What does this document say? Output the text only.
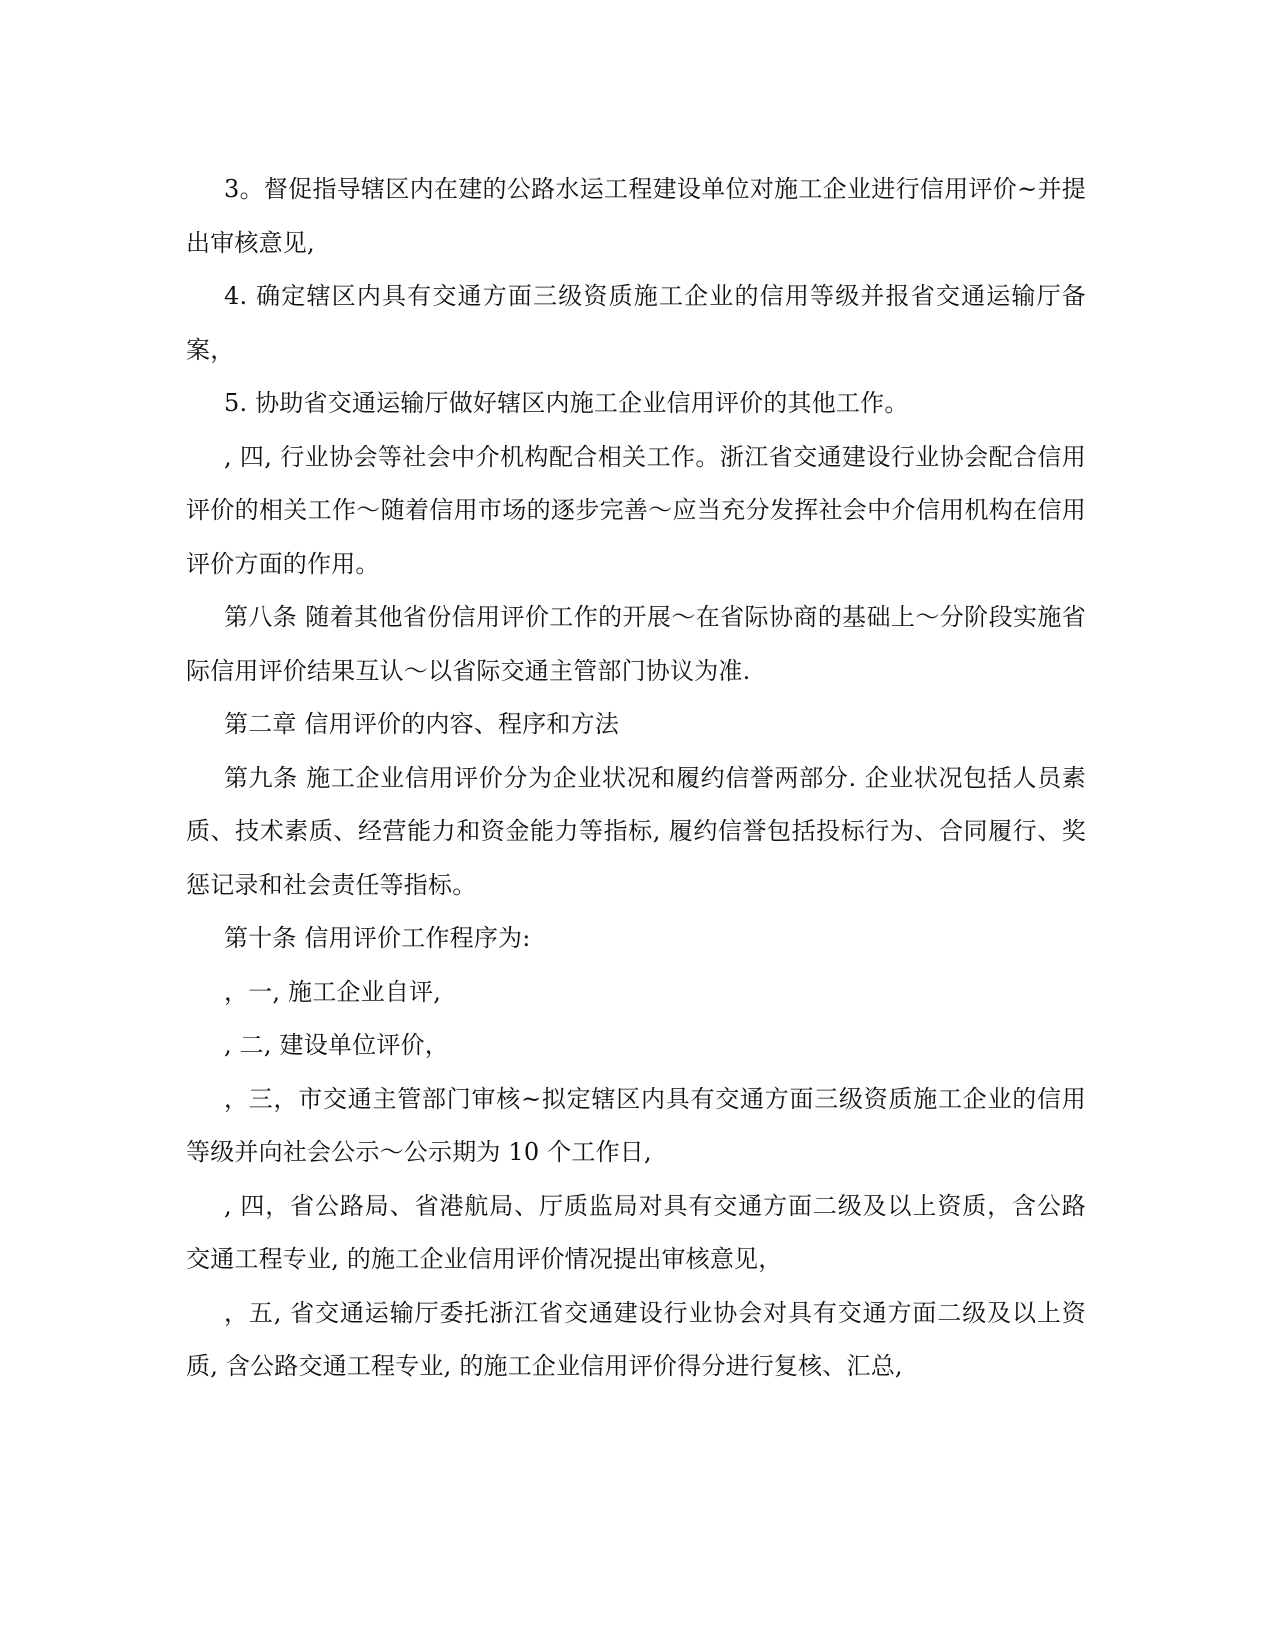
3。督促指导辖区内在建的公路水运工程建设单位对施工企业进行信用评价~并提出审核意见,

4. 确定辖区内具有交通方面三级资质施工企业的信用等级并报省交通运输厅备案，

5. 协助省交通运输厅做好辖区内施工企业信用评价的其他工作。

, 四, 行业协会等社会中介机构配合相关工作。浙江省交通建设行业协会配合信用评价的相关工作～随着信用市场的逐步完善～应当充分发挥社会中介信用机构在信用评价方面的作用。

第八条 随着其他省份信用评价工作的开展～在省际协商的基础上～分阶段实施省际信用评价结果互认～以省际交通主管部门协议为准.

第二章 信用评价的内容、程序和方法

第九条 施工企业信用评价分为企业状况和履约信誉两部分. 企业状况包括人员素质、技术素质、经营能力和资金能力等指标, 履约信誉包括投标行为、合同履行、奖惩记录和社会责任等指标。

第十条 信用评价工作程序为:

，一, 施工企业自评,

, 二, 建设单位评价，

，三，市交通主管部门审核~拟定辖区内具有交通方面三级资质施工企业的信用等级并向社会公示～公示期为 10 个工作日,

, 四，省公路局、省港航局、厅质监局对具有交通方面二级及以上资质，含公路交通工程专业, 的施工企业信用评价情况提出审核意见，

，五, 省交通运输厅委托浙江省交通建设行业协会对具有交通方面二级及以上资质, 含公路交通工程专业, 的施工企业信用评价得分进行复核、汇总,
